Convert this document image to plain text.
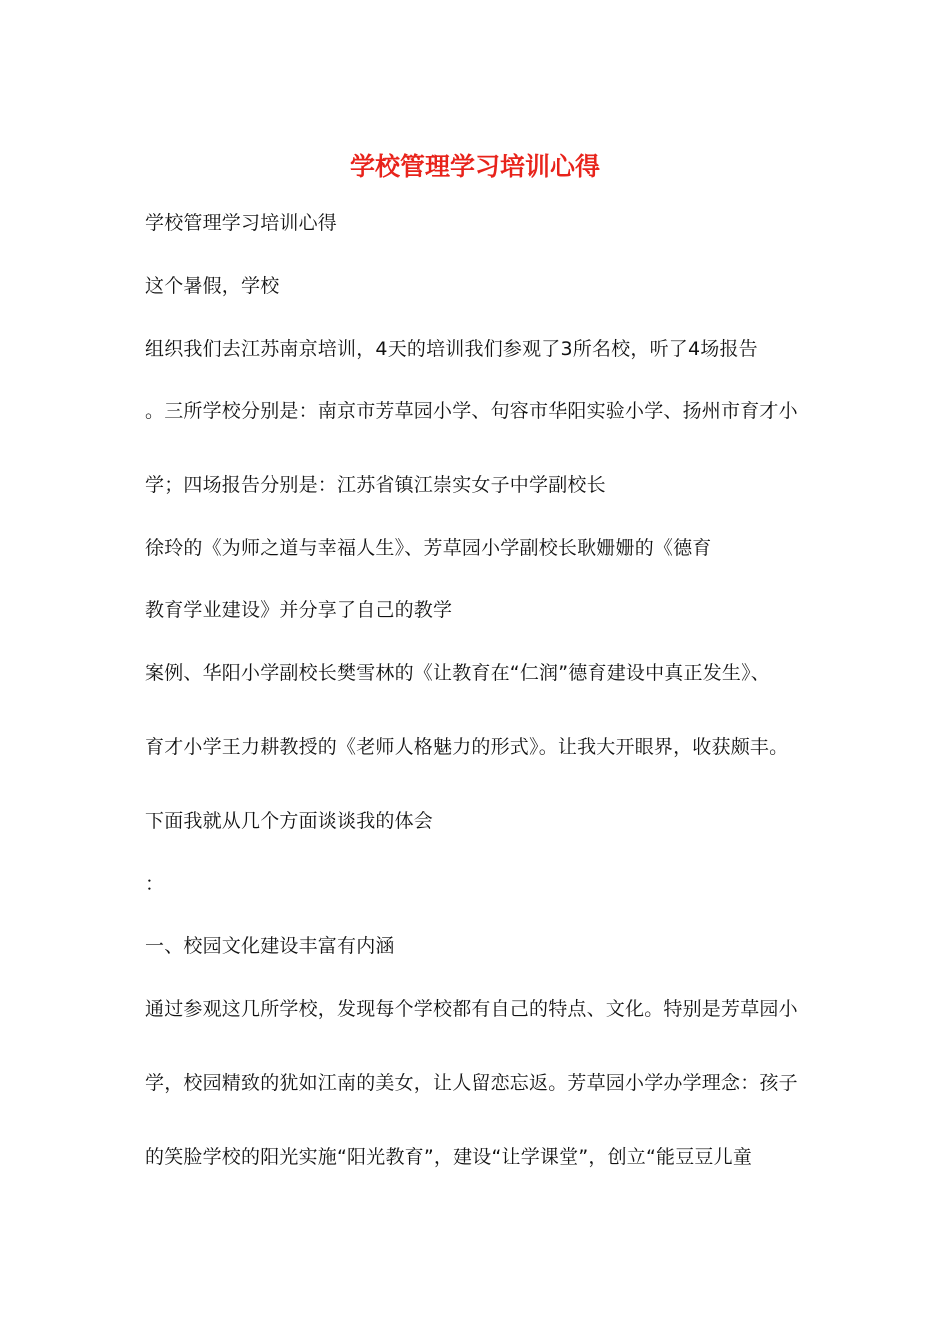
学校管理学习培训心得
学校管理学习培训心得
这个暑假，学校
组织我们去江苏南京培训，4天的培训我们参观了3所名校，听了4场报告
。三所学校分别是：南京市芳草园小学、句容市华阳实验小学、扬州市育才小
学；四场报告分别是：江苏省镇江崇实女子中学副校长
徐玲的《为师之道与幸福人生》、芳草园小学副校长耿姗姗的《德育
教育学业建设》并分享了自己的教学
案例、华阳小学副校长樊雪林的《让教育在“仁润”德育建设中真正发生》、
育才小学王力耕教授的《老师人格魅力的形式》。让我大开眼界，收获颇丰。
下面我就从几个方面谈谈我的体会
：
一、校园文化建设丰富有内涵
通过参观这几所学校，发现每个学校都有自己的特点、文化。特别是芳草园小
学，校园精致的犹如江南的美女，让人留恋忘返。芳草园小学办学理念：孩子
的笑脸学校的阳光实施“阳光教育”，建设“让学课堂”，创立“能豆豆儿童
